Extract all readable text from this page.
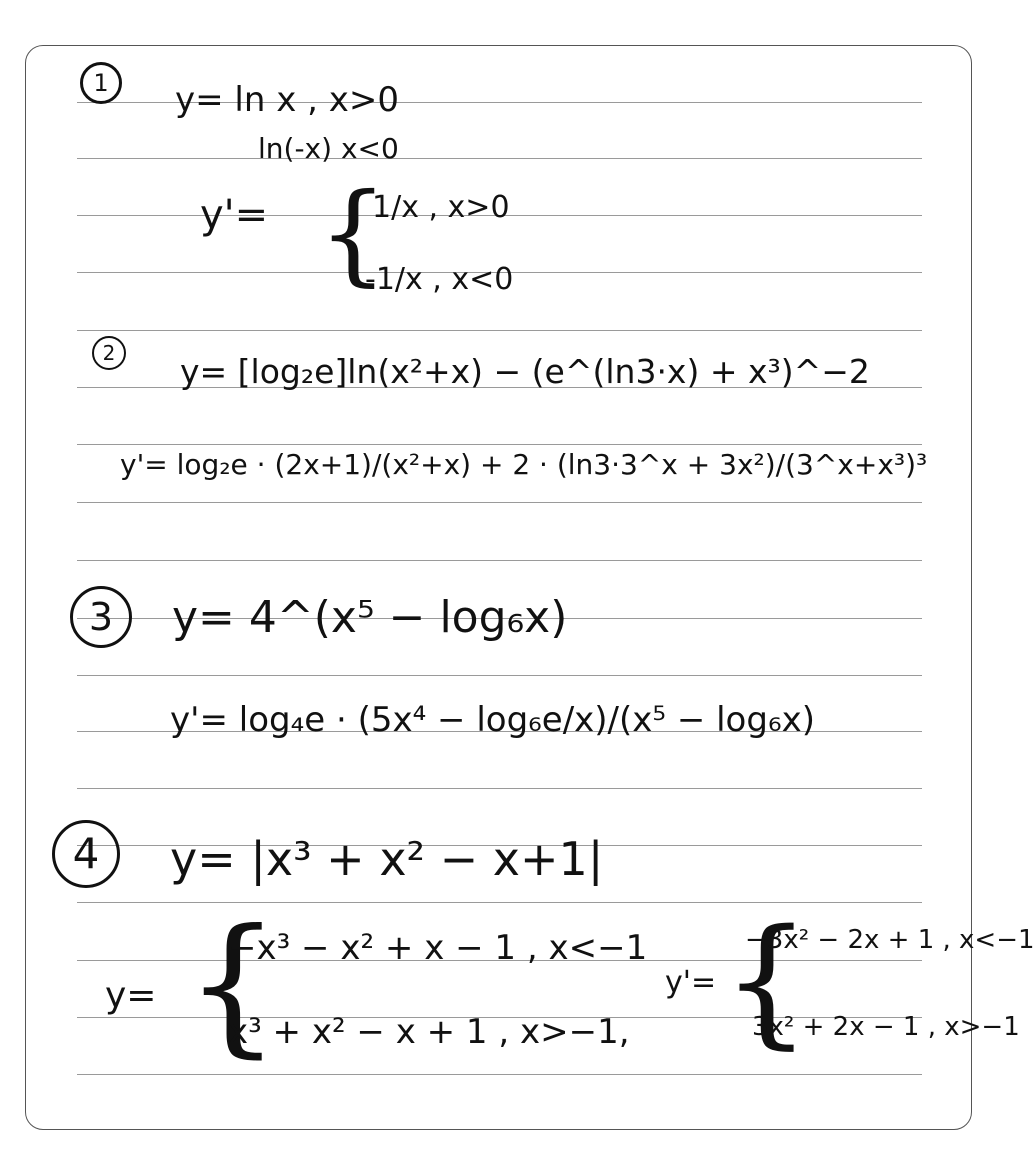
1	y= ln x , x>0
ln(-x) x<0
y'= {
1/x , x>0
-1/x , x<0
2	y= [log₂e]ln(x²+x) − (e^(ln3·x) + x³)^−2
y'= log₂e · (2x+1)/(x²+x) + 2 · (ln3·3^x + 3x²)/(3^x+x³)³
3	y= 4^(x⁵ − log₆x)
y'= log₄e · (5x⁴ − log₆e/x)/(x⁵ − log₆x)
4	y= |x³ + x² − x+1|
y= {
−x³ − x² + x − 1 , x<−1
x³ + x² − x + 1 , x>−1,
y'= {
−3x² − 2x + 1 , x<−1
3x² + 2x − 1 , x>−1
